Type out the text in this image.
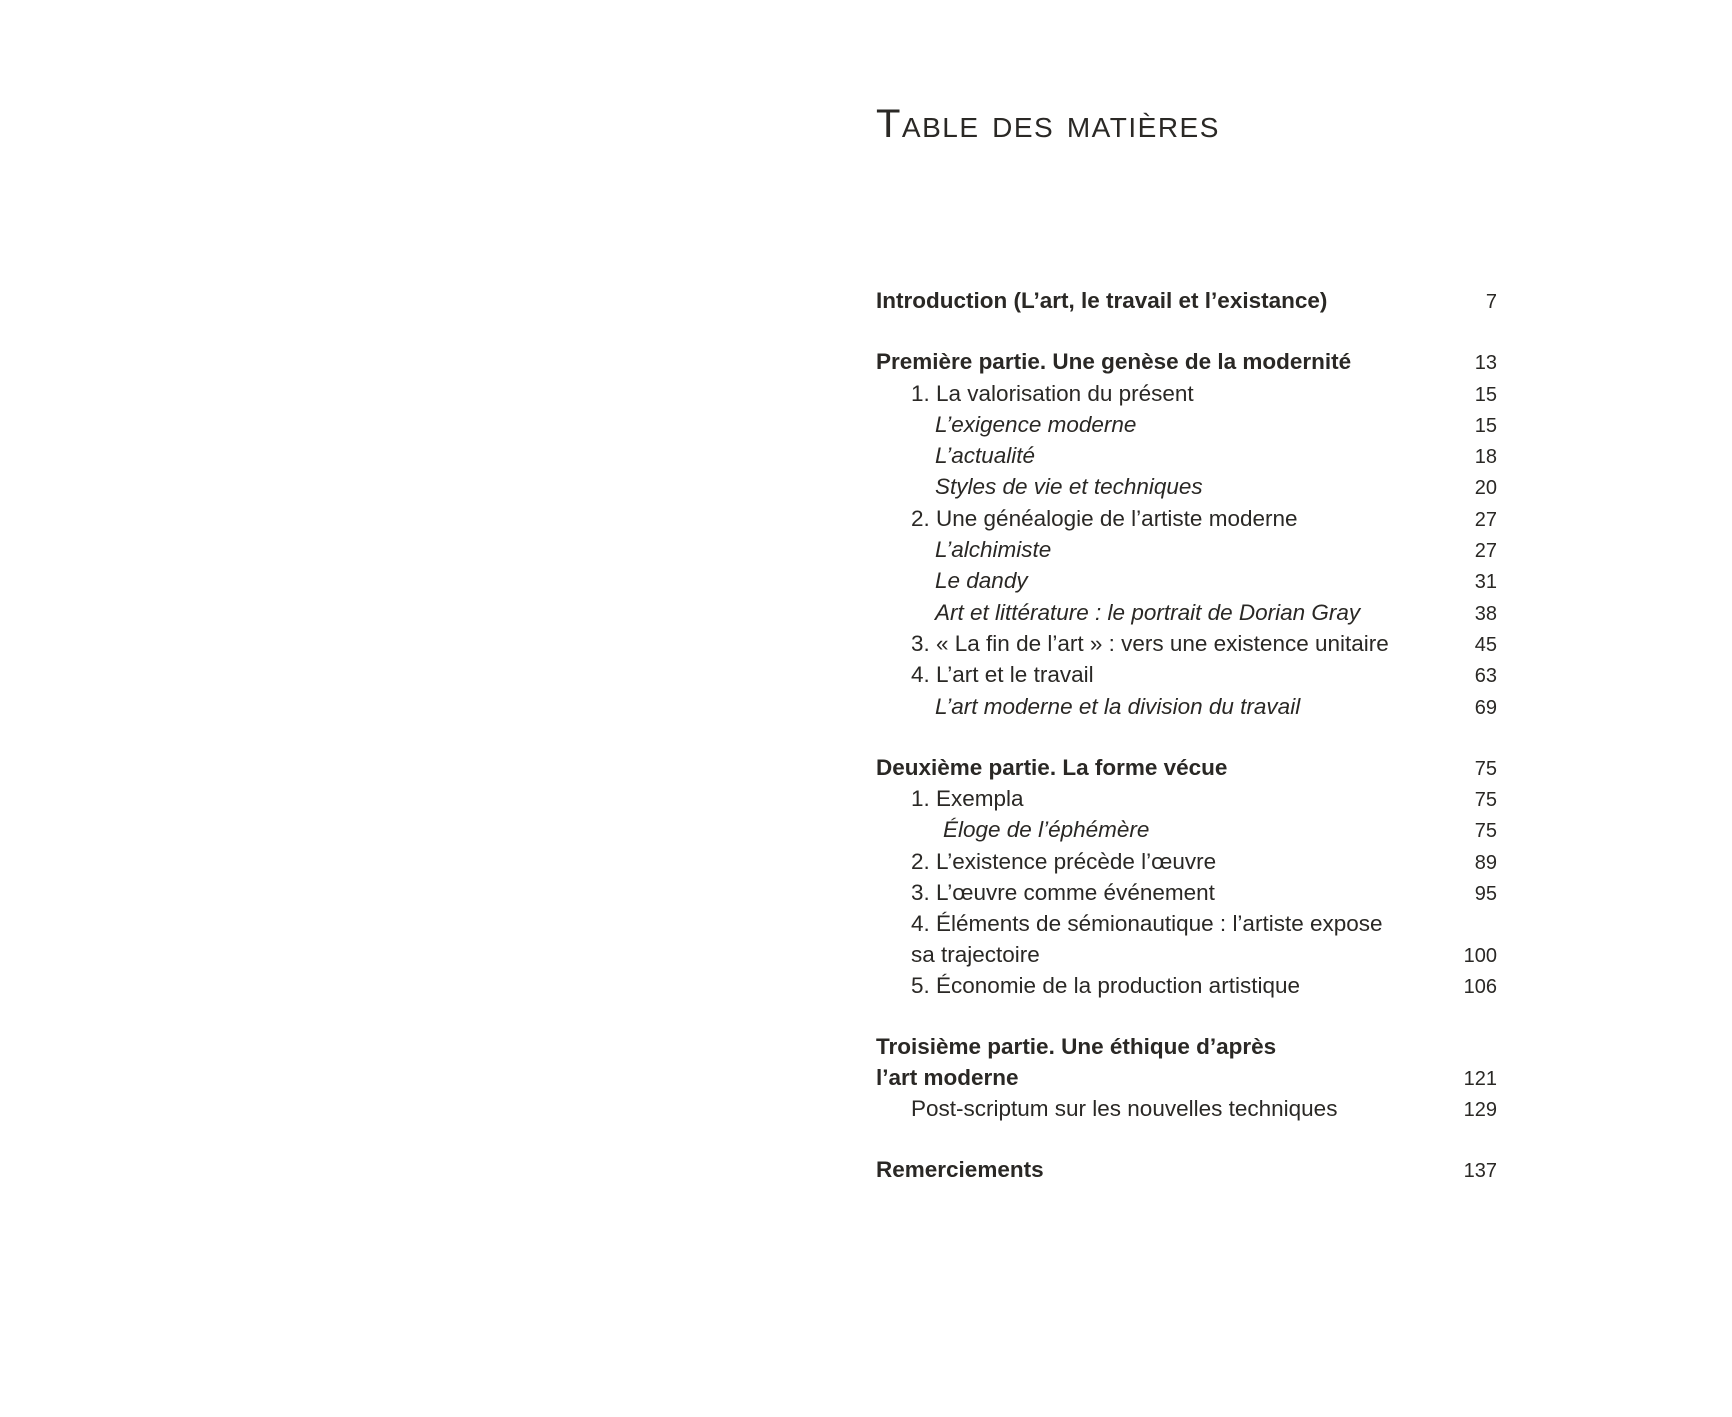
Table des matières
Introduction (L’art, le travail et l’existance)	7
Première partie. Une genèse de la modernité	13
1. La valorisation du présent	15
L’exigence moderne	15
L’actualité	18
Styles de vie et techniques	20
2. Une généalogie de l’artiste moderne	27
L’alchimiste	27
Le dandy	31
Art et littérature : le portrait de Dorian Gray	38
3. « La fin de l’art » : vers une existence unitaire	45
4. L’art et le travail	63
L’art moderne et la division du travail	69
Deuxième partie. La forme vécue	75
1. Exempla	75
Éloge de l’éphémère	75
2. L’existence précède l’œuvre	89
3. L’œuvre comme événement	95
4. Éléments de sémionautique : l’artiste expose
sa trajectoire	100
5. Économie de la production artistique	106
Troisième partie. Une éthique d’après
l’art moderne	121
Post-scriptum sur les nouvelles techniques	129
Remerciements	137
